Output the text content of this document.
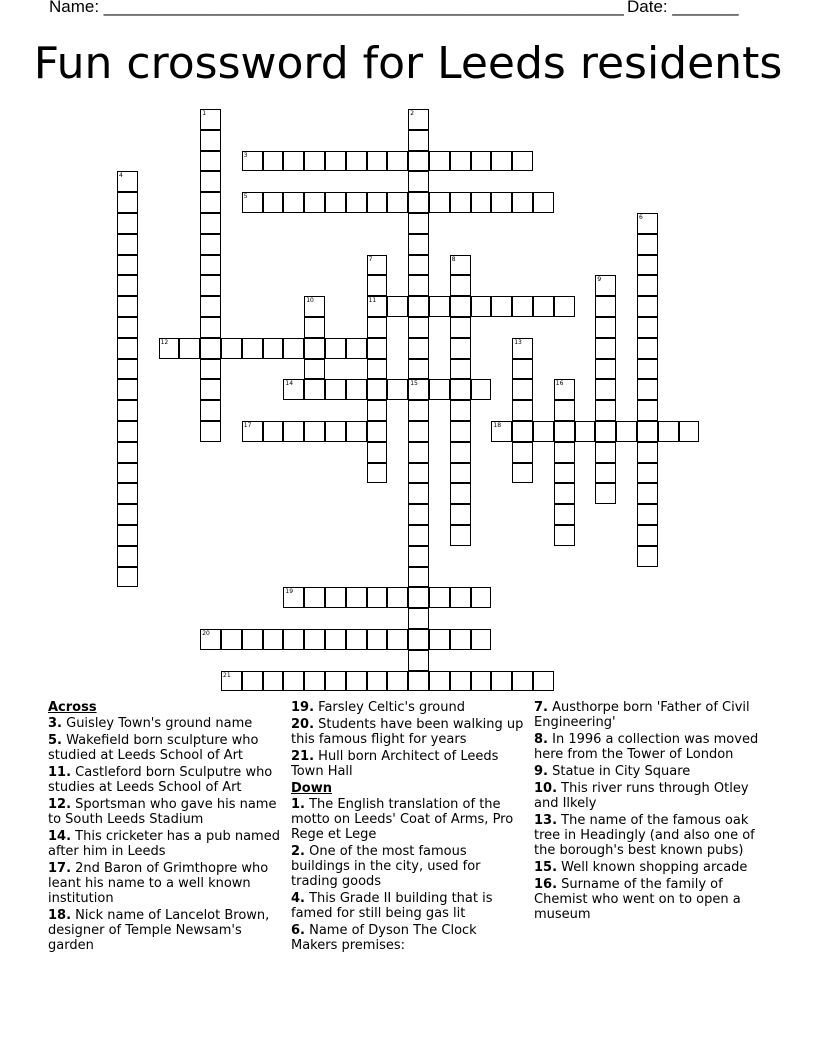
Name: _______________________________________________________ Date: _______
Fun crossword for Leeds residents
1	2
15
3
4
5
6
7
11
8
9
10
12	13
14	16
17	18
19
20
21
Across
3. Guisley Town's ground name
5. Wakefield born sculpture who studied at Leeds School of Art
11. Castleford born Sculputre who studies at Leeds School of Art
12. Sportsman who gave his name to South Leeds Stadium
14. This cricketer has a pub named after him in Leeds
17. 2nd Baron of Grimthopre who leant his name to a well known institution
18. Nick name of Lancelot Brown, designer of Temple Newsam's garden
19. Farsley Celtic's ground
20. Students have been walking up this famous flight for years
21. Hull born Architect of Leeds Town Hall
Down
1. The English translation of the motto on Leeds' Coat of Arms, Pro Rege et Lege
2. One of the most famous buildings in the city, used for trading goods
4. This Grade II building that is famed for still being gas lit
6. Name of Dyson The Clock Makers premises:
7. Austhorpe born 'Father of Civil Engineering'
8. In 1996 a collection was moved here from the Tower of London
9. Statue in City Square
10. This river runs through Otley and Ilkely
13. The name of the famous oak tree in Headingly (and also one of the borough's best known pubs)
15. Well known shopping arcade
16. Surname of the family of Chemist who went on to open a museum
